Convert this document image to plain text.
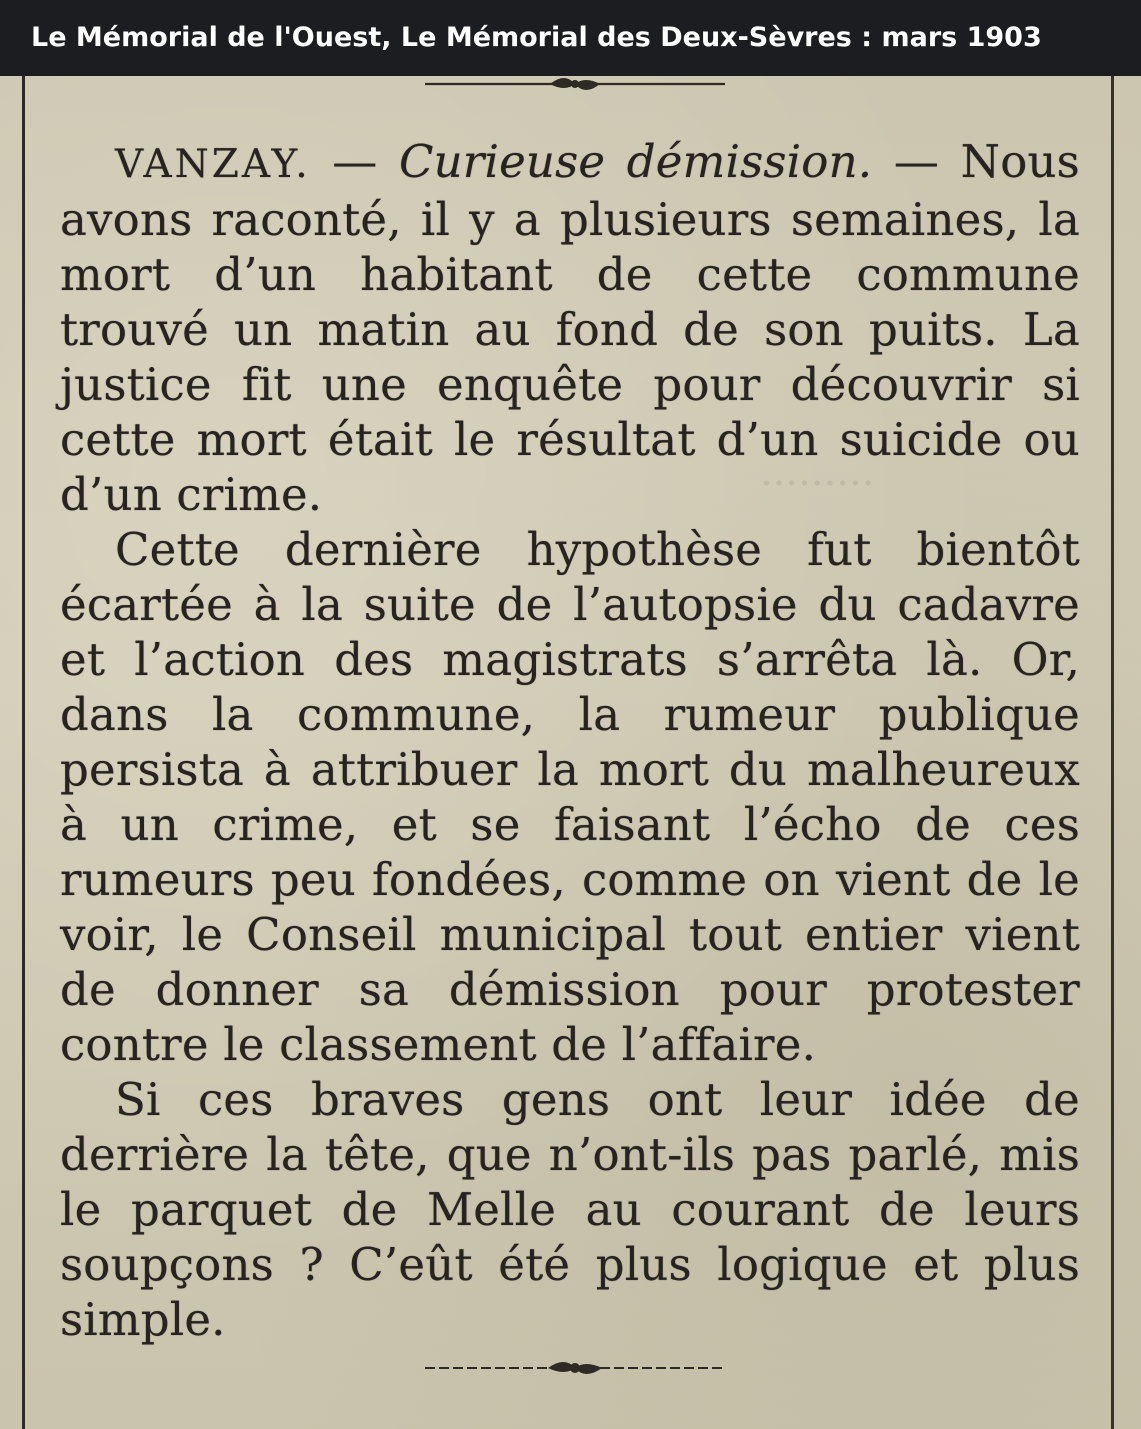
Le Mémorial de l'Ouest, Le Mémorial des Deux-Sèvres : mars 1903
·········

VANZAY. — Curieuse démission. — Nous avons raconté, il y a plusieurs semaines, la mort d’un habitant de cette commune trouvé un matin au fond de son puits. La justice fit une enquête pour découvrir si cette mort était le résultat d’un suicide ou d’un crime.

Cette dernière hypothèse fut bientôt écartée à la suite de l’autopsie du cadavre et l’action des magistrats s’arrêta là. Or, dans la commune, la rumeur publique persista à attribuer la mort du malheureux à un crime, et se faisant l’écho de ces rumeurs peu fondées, comme on vient de le voir, le Conseil municipal tout entier vient de donner sa démission pour protester contre le classement de l’affaire.

Si ces braves gens ont leur idée de derrière la tête, que n’ont-ils pas parlé, mis le parquet de Melle au courant de leurs soupçons ? C’eût été plus logique et plus simple.
